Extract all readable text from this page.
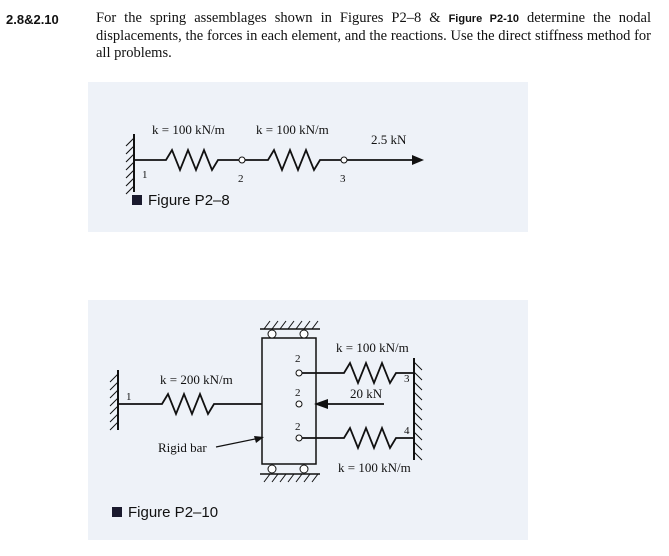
2.8&2.10	For the spring assemblages shown in Figures P2–8 & Figure P2-10 determine the nodal displacements, the forces in each element, and the reactions. Use the direct stiffness method for all problems.
k = 100 kN/m k = 100 kN/m
2.5 kN
1	2	3
Figure P2–8
k = 200 kN/m
k = 100 kN/m
k = 100 kN/m
20 kN
Rigid bar
1
2
2
2
3
4
Figure P2–10
